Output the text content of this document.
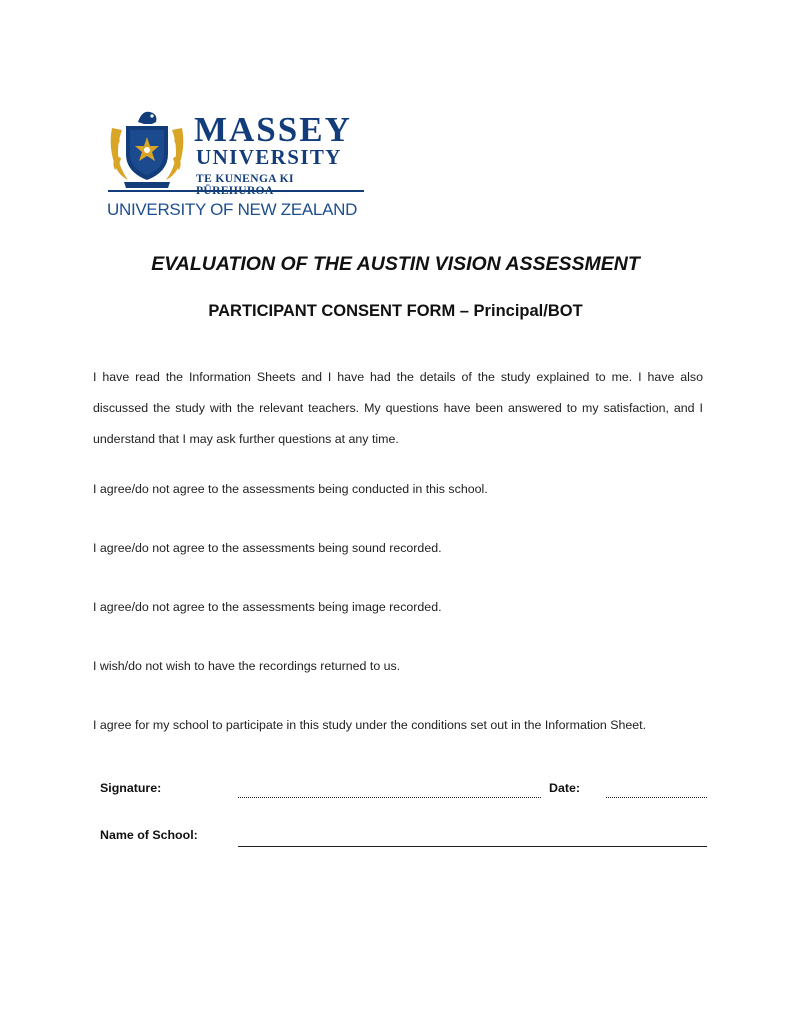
MASSEY
UNIVERSITY
TE KUNENGA KI
UNIVERSITY OF NEW ZEALAND
EVALUATION OF THE AUSTIN VISION ASSESSMENT
PARTICIPANT CONSENT FORM – Principal/BOT
I have read the Information Sheets and I have had the details of the study explained to me. I have also discussed the study with the relevant teachers. My questions have been answered to my satisfaction, and I understand that I may ask further questions at any time.
I agree/do not agree to the assessments being conducted in this school.
I agree/do not agree to the assessments being sound recorded.
I agree/do not agree to the assessments being image recorded.
I wish/do not wish to have the recordings returned to us.
I agree for my school to participate in this study under the conditions set out in the Information Sheet.
Signature:	Date:
Name of School:
